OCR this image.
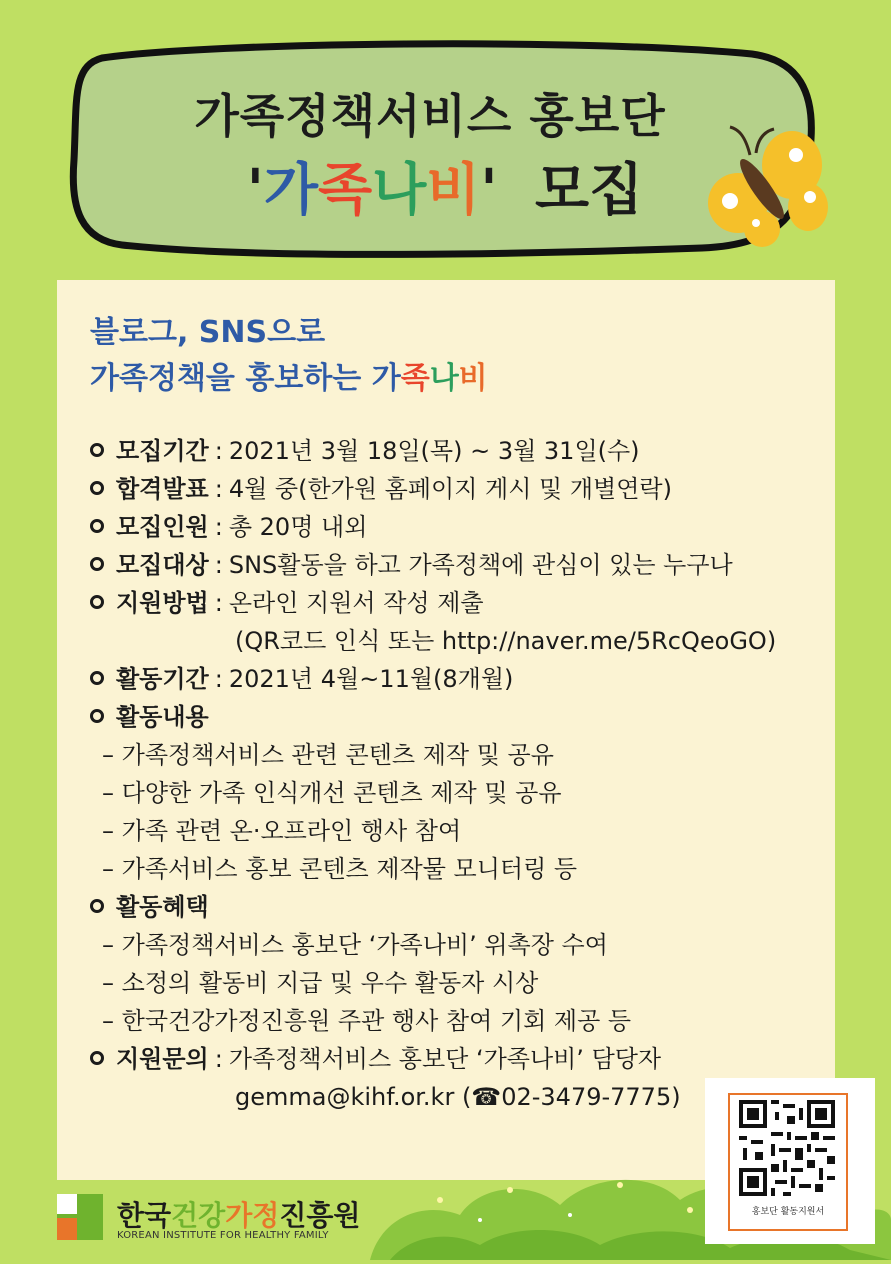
가족정책서비스 홍보단
'가족나비' 모집
블로그, SNS으로
가족정책을 홍보하는 가족나비
모집기간 : 2021년 3월 18일(목) ~ 3월 31일(수)
합격발표 : 4월 중(한가원 홈페이지 게시 및 개별연락)
모집인원 : 총 20명 내외
모집대상 : SNS활동을 하고 가족정책에 관심이 있는 누구나
지원방법 : 온라인 지원서 작성 제출
(QR코드 인식 또는 http://naver.me/5RcQeoGO)
활동기간 : 2021년 4월~11월(8개월)
활동내용
– 가족정책서비스 관련 콘텐츠 제작 및 공유
– 다양한 가족 인식개선 콘텐츠 제작 및 공유
– 가족 관련 온·오프라인 행사 참여
– 가족서비스 홍보 콘텐츠 제작물 모니터링 등
활동혜택
– 가족정책서비스 홍보단 ‘가족나비’ 위촉장 수여
– 소정의 활동비 지급 및 우수 활동자 시상
– 한국건강가정진흥원 주관 행사 참여 기회 제공 등
지원문의 : 가족정책서비스 홍보단 ‘가족나비’ 담당자
gemma@kihf.or.kr (☎02-3479-7775)
홍보단 활동지원서
한국건강가정진흥원
KOREAN INSTITUTE FOR HEALTHY FAMILY
